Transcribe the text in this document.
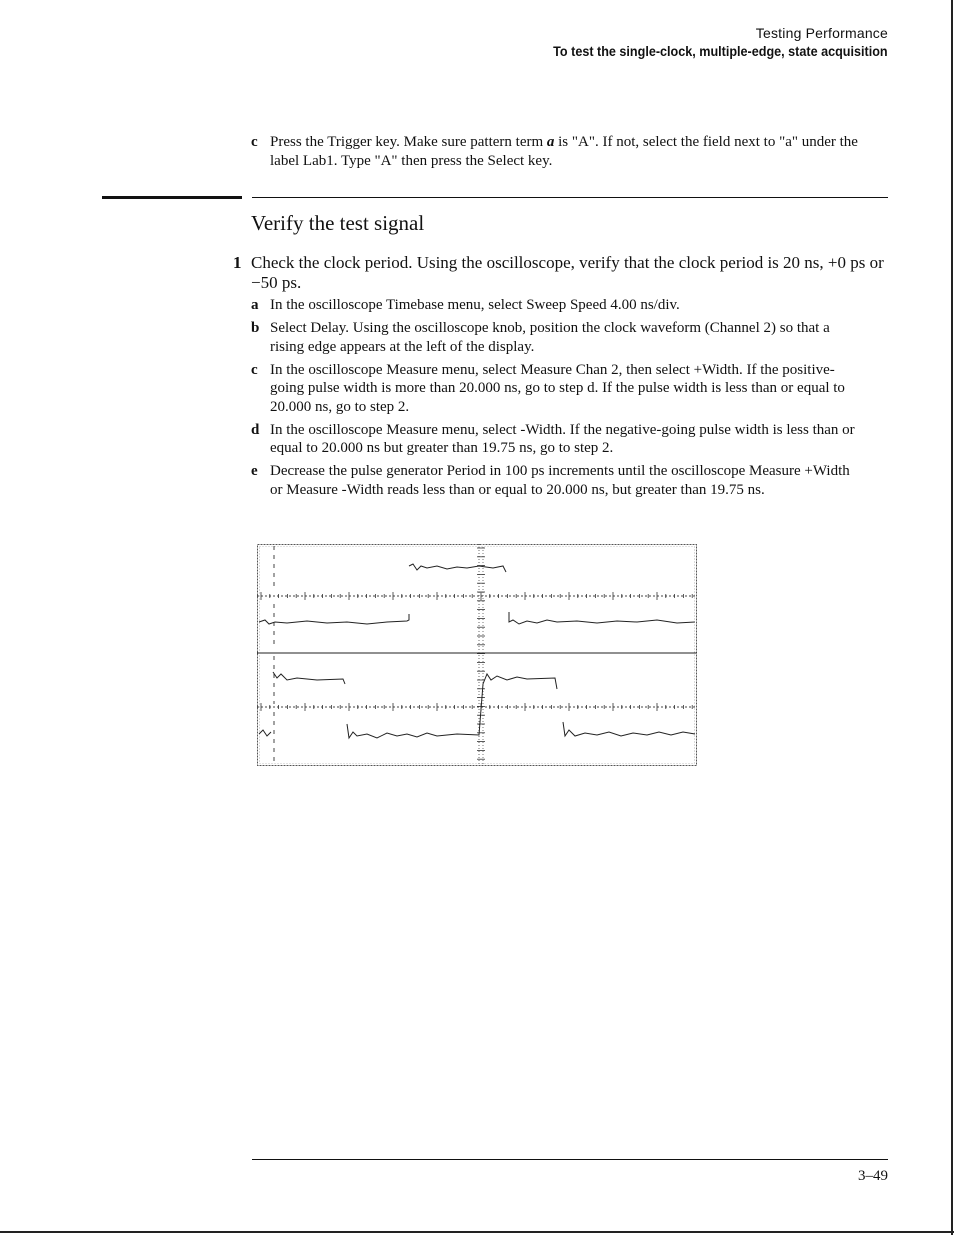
Testing Performance
To test the single-clock, multiple-edge, state acquisition
c Press the Trigger key. Make sure pattern term a is "A". If not, select the field next to "a" under the label Lab1. Type "A" then press the Select key.
Verify the test signal
1 Check the clock period. Using the oscilloscope, verify that the clock period is 20 ns, +0 ps or −50 ps.
a In the oscilloscope Timebase menu, select Sweep Speed 4.00 ns/div.
b Select Delay. Using the oscilloscope knob, position the clock waveform (Channel 2) so that a rising edge appears at the left of the display.
c In the oscilloscope Measure menu, select Measure Chan 2, then select +Width. If the positive-going pulse width is more than 20.000 ns, go to step d. If the pulse width is less than or equal to 20.000 ns, go to step 2.
d In the oscilloscope Measure menu, select -Width. If the negative-going pulse width is less than or equal to 20.000 ns but greater than 19.75 ns, go to step 2.
e Decrease the pulse generator Period in 100 ps increments until the oscilloscope Measure +Width or Measure -Width reads less than or equal to 20.000 ns, but greater than 19.75 ns.
3–49
